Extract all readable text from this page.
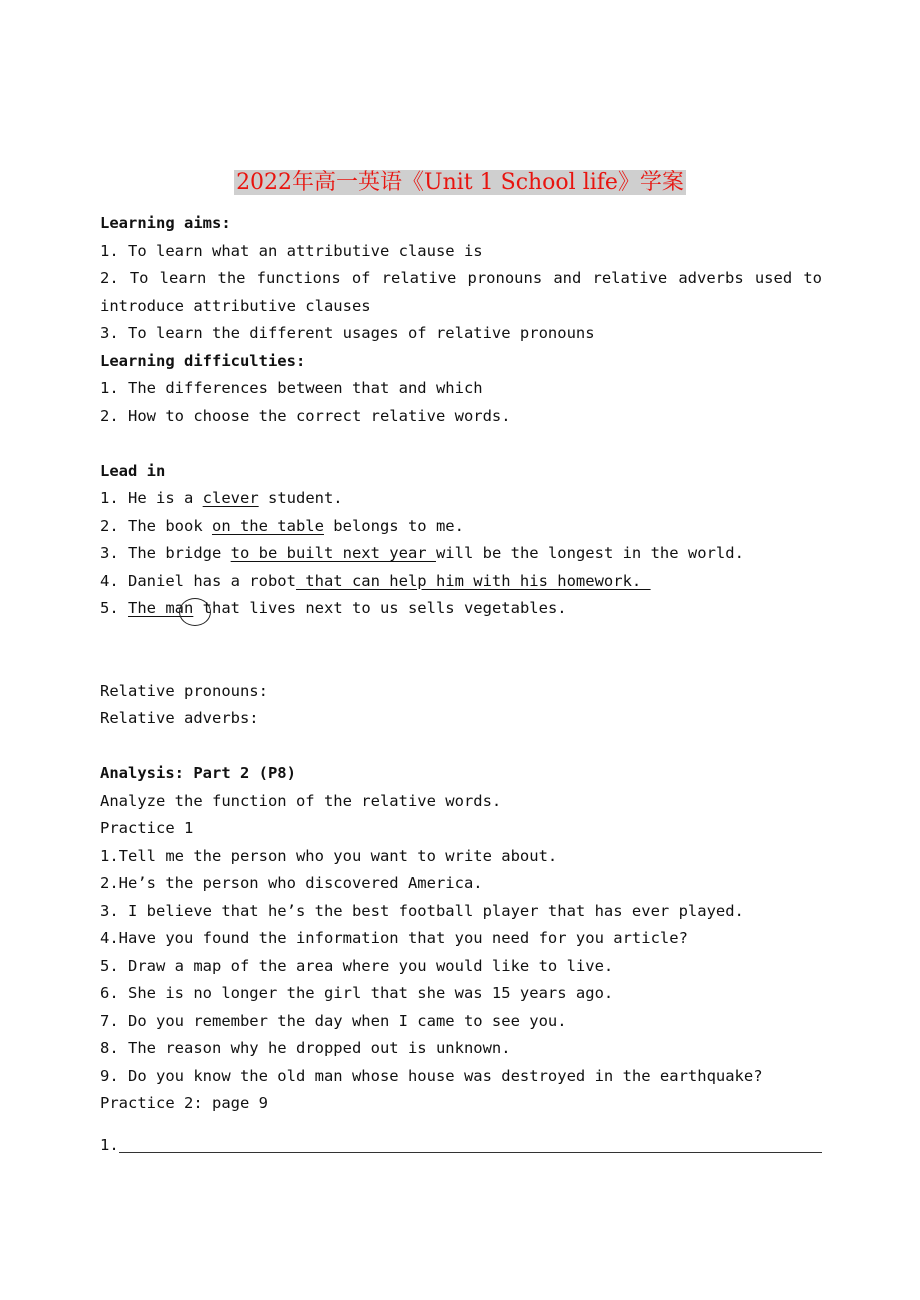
2022年高一英语《Unit 1 School life》学案

Learning aims:

1. To learn what an attributive clause is

2. To learn the functions of relative pronouns and relative adverbs used to

introduce attributive clauses

3. To learn the different usages of relative pronouns

Learning difficulties:

1. The differences between that and which

2. How to choose the correct relative words.

Lead in

1. He is a clever student.

2. The book on the table belongs to me.

3. The bridge to be built next year will be the longest in the world.

4. Daniel has a robot that can help him with his homework.

5. The man that lives next to us sells vegetables.

Relative pronouns:

Relative adverbs:

Analysis: Part 2 (P8)

Analyze the function of the relative words.

Practice 1

1.Tell me the person who you want to write about.

2.He’s the person who discovered America.

3. I believe that he’s the best football player that has ever played.

4.Have you found the information that you need for you article?

5. Draw a map of the area where you would like to live.

6. She is no longer the girl that she was 15 years ago.

7. Do you remember the day when I came to see you.

8. The reason why he dropped out is unknown.

9. Do you know the old man whose house was destroyed in the earthquake?

Practice 2: page 9

1.
